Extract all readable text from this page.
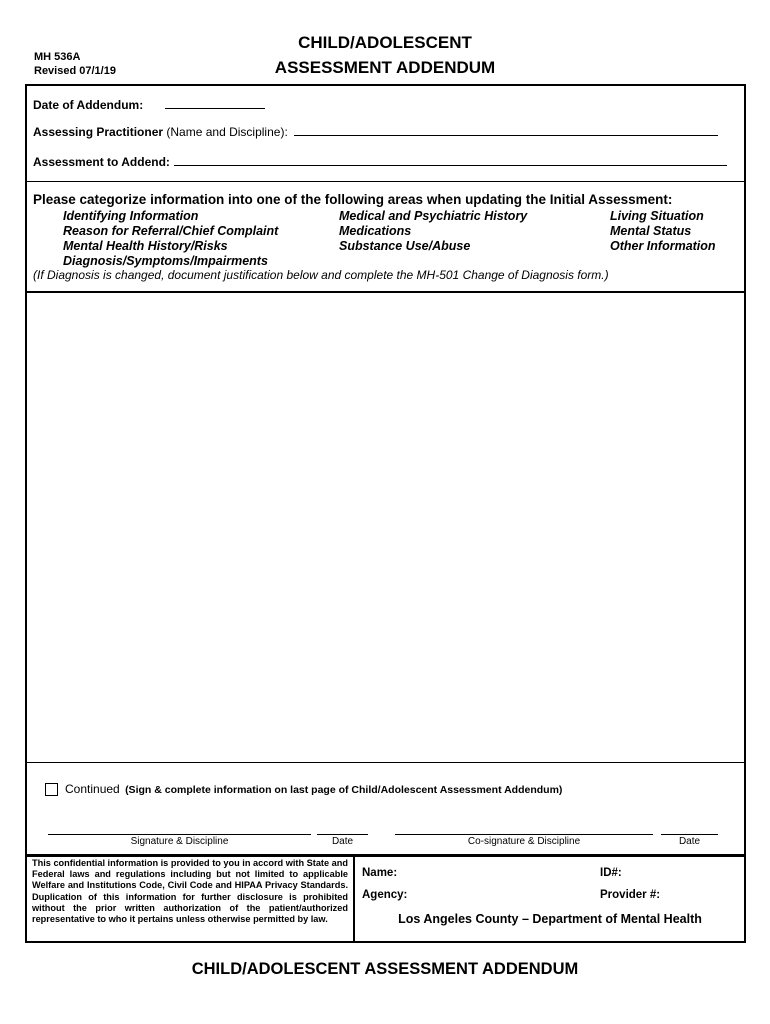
MH 536A
Revised 07/1/19
CHILD/ADOLESCENT
ASSESSMENT ADDENDUM
Date of Addendum:
Assessing Practitioner (Name and Discipline):
Assessment to Addend:
Please categorize information into one of the following areas when updating the Initial Assessment:
Identifying Information
Reason for Referral/Chief Complaint
Mental Health History/Risks
Diagnosis/Symptoms/Impairments
Medical and Psychiatric History
Medications
Substance Use/Abuse
Living Situation
Mental Status
Other Information
(If Diagnosis is changed, document justification below and complete the MH-501 Change of Diagnosis form.)
Continued (Sign & complete information on last page of Child/Adolescent Assessment Addendum)
Signature & Discipline	Date	Co-signature & Discipline	Date
This confidential information is provided to you in accord with State and Federal laws and regulations including but not limited to applicable Welfare and Institutions Code, Civil Code and HIPAA Privacy Standards. Duplication of this information for further disclosure is prohibited without the prior written authorization of the patient/authorized representative to who it pertains unless otherwise permitted by law.
Name:	ID#:
Agency:	Provider #:
Los Angeles County – Department of Mental Health
CHILD/ADOLESCENT ASSESSMENT ADDENDUM
